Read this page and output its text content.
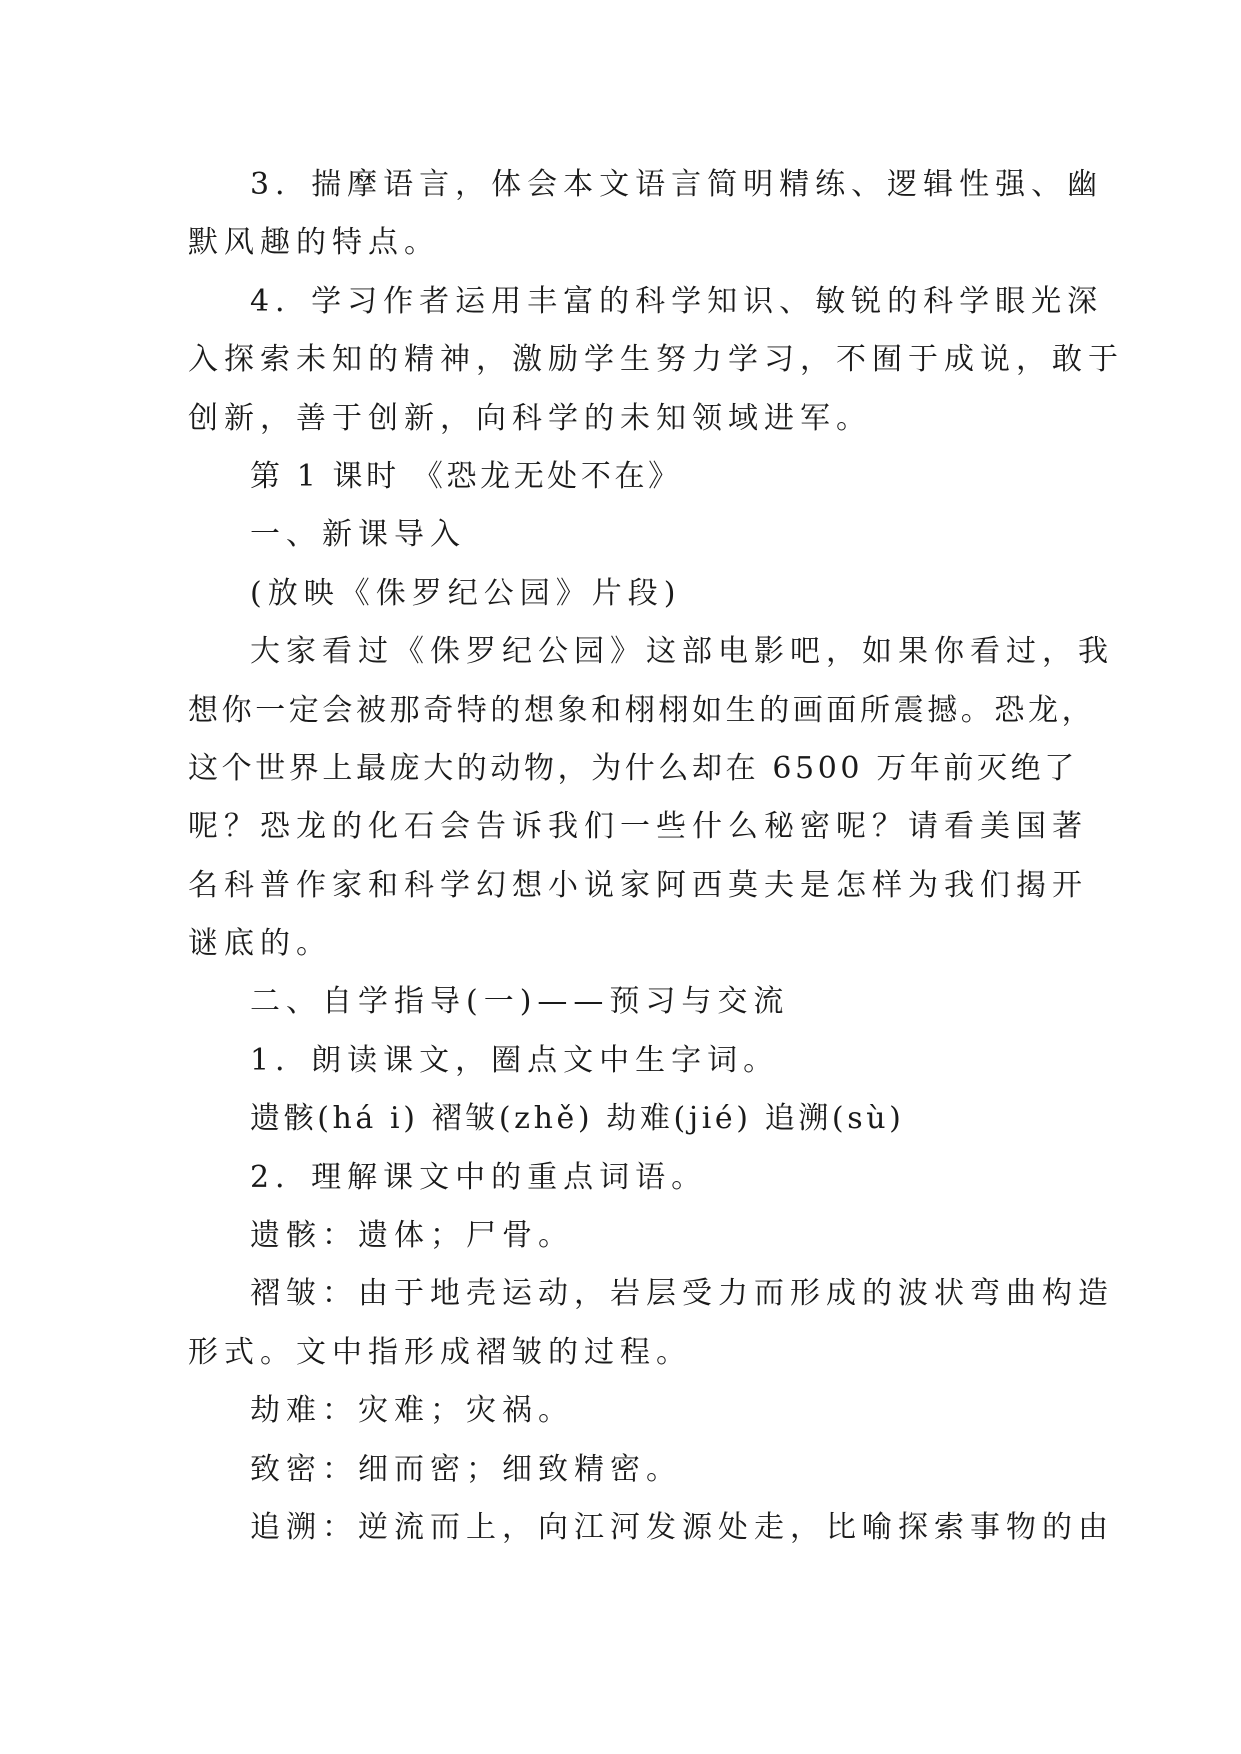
3．揣摩语言，体会本文语言简明精练、逻辑性强、幽
默风趣的特点。
4．学习作者运用丰富的科学知识、敏锐的科学眼光深
入探索未知的精神，激励学生努力学习，不囿于成说，敢于
创新，善于创新，向科学的未知领域进军。
第 1 课时 《恐龙无处不在》
一、新课导入
(放映《侏罗纪公园》片段)
大家看过《侏罗纪公园》这部电影吧，如果你看过，我
想你一定会被那奇特的想象和栩栩如生的画面所震撼。恐龙，
这个世界上最庞大的动物，为什么却在 6500 万年前灭绝了
呢？恐龙的化石会告诉我们一些什么秘密呢？请看美国著
名科普作家和科学幻想小说家阿西莫夫是怎样为我们揭开
谜底的。
二、自学指导(一)——预习与交流
1．朗读课文，圈点文中生字词。
遗骸(há i) 褶皱(zhě) 劫难(jié) 追溯(sù)
2．理解课文中的重点词语。
遗骸：遗体；尸骨。
褶皱：由于地壳运动，岩层受力而形成的波状弯曲构造
形式。文中指形成褶皱的过程。
劫难：灾难；灾祸。
致密：细而密；细致精密。
追溯：逆流而上，向江河发源处走，比喻探索事物的由
